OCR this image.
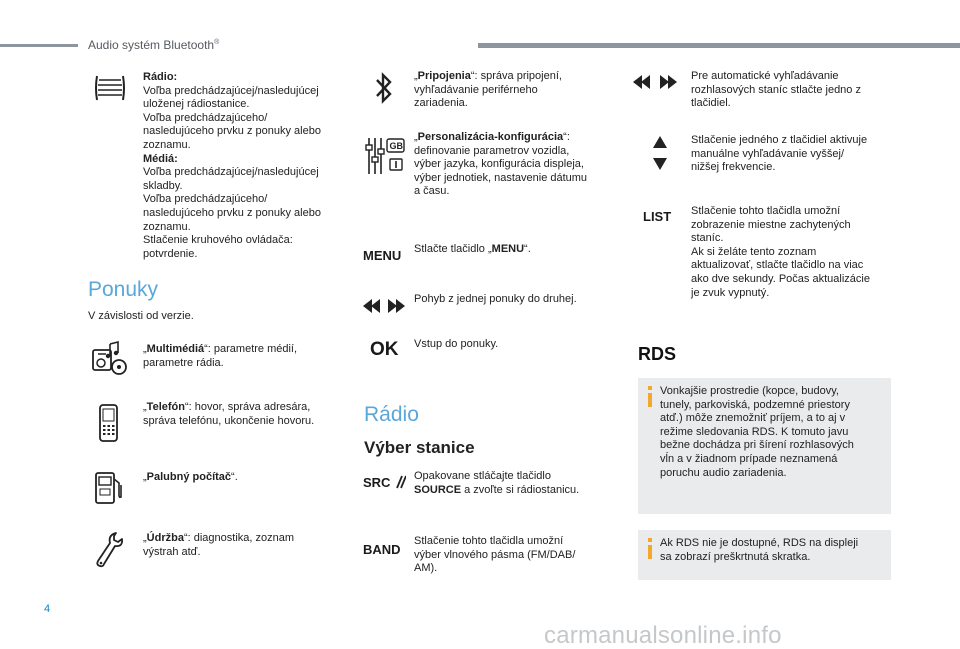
Audio systém Bluetooth®
Rádio:
Voľba predchádzajúcej/nasledujúcej
uloženej rádiostanice.
Voľba predchádzajúceho/
nasledujúceho prvku z ponuky alebo
zoznamu.
Médiá:
Voľba predchádzajúcej/nasledujúcej
skladby.
Voľba predchádzajúceho/
nasledujúceho prvku z ponuky alebo
zoznamu.
Stlačenie kruhového ovládača:
potvrdenie.
Ponuky
V závislosti od verzie.
„Multimédiá“: parametre médií,
parametre rádia.
„Telefón“: hovor, správa adresára,
správa telefónu, ukončenie hovoru.
„Palubný počítač“.
„Údržba“: diagnostika, zoznam
výstrah atď.
„Pripojenia“: správa pripojení,
vyhľadávanie periférneho
zariadenia.
GB
„Personalizácia-konfigurácia“:
definovanie parametrov vozidla,
výber jazyka, konfigurácia displeja,
výber jednotiek, nastavenie dátumu
a času.
MENU Stlačte tlačidlo „MENU“.
Pohyb z jednej ponuky do druhej.
OK Vstup do ponuky.
Rádio
Výber stanice
SRC	Opakovane stláčajte tlačidlo
SOURCE a zvoľte si rádiostanicu.
BAND
Stlačenie tohto tlačidla umožní
výber vlnového pásma (FM/DAB/
AM).
Pre automatické vyhľadávanie
rozhlasových staníc stlačte jedno z
tlačidiel.
Stlačenie jedného z tlačidiel aktivuje
manuálne vyhľadávanie vyššej/
nižšej frekvencie.
LIST Stlačenie tohto tlačidla umožní
zobrazenie miestne zachytených
staníc.
Ak si želáte tento zoznam
aktualizovať, stlačte tlačidlo na viac
ako dve sekundy. Počas aktualizácie
je zvuk vypnutý.
RDS
Vonkajšie prostredie (kopce, budovy,
tunely, parkoviská, podzemné priestory
atď.) môže znemožniť príjem, a to aj v
režime sledovania RDS. K tomuto javu
bežne dochádza pri šírení rozhlasových
vĺn a v žiadnom prípade neznamená
poruchu audio zariadenia.
Ak RDS nie je dostupné, RDS na displeji
sa zobrazí preškrtnutá skratka.
4
carmanualsonline.info
